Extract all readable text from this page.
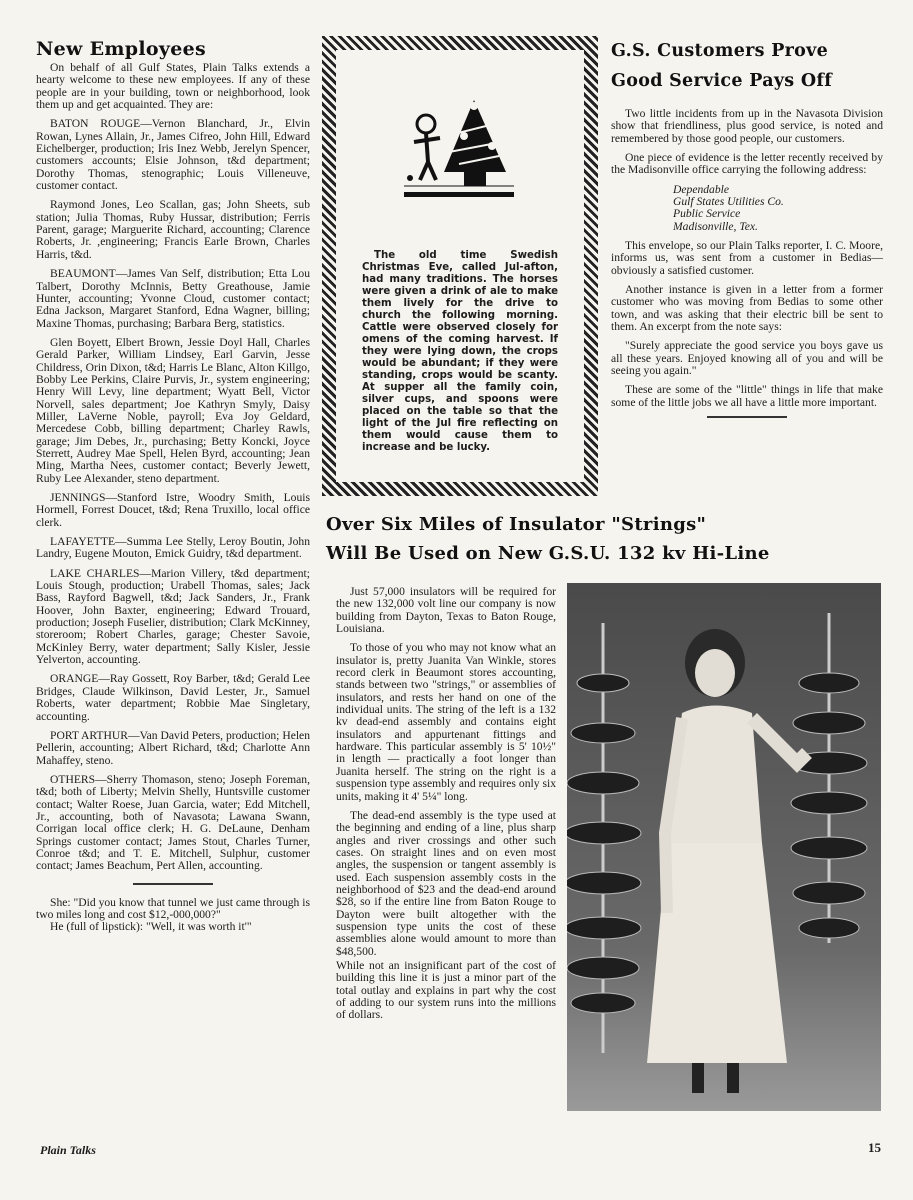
New Employees

On behalf of all Gulf States, Plain Talks extends a hearty welcome to these new employees. If any of these people are in your building, town or neighborhood, look them up and get acquainted. They are:

BATON ROUGE—Vernon Blanchard, Jr., Elvin Rowan, Lynes Allain, Jr., James Cifreo, John Hill, Edward Eichelberger, production; Iris Inez Webb, Jerelyn Spencer, customers accounts; Elsie Johnson, t&d department; Dorothy Thomas, stenographic; Louis Villeneuve, customer contact.

Raymond Jones, Leo Scallan, gas; John Sheets, sub station; Julia Thomas, Ruby Hussar, distribution; Ferris Parent, garage; Marguerite Richard, accounting; Clarence Roberts, Jr. ,engineering; Francis Earle Brown, Charles Harris, t&d.

BEAUMONT—James Van Self, distribution; Etta Lou Talbert, Dorothy McInnis, Betty Greathouse, Jamie Hunter, accounting; Yvonne Cloud, customer contact; Edna Jackson, Margaret Stanford, Edna Wagner, billing; Maxine Thomas, purchasing; Barbara Berg, statistics.

Glen Boyett, Elbert Brown, Jessie Doyl Hall, Charles Gerald Parker, William Lindsey, Earl Garvin, Jesse Childress, Orin Dixon, t&d; Harris Le Blanc, Alton Killgo, Bobby Lee Perkins, Claire Purvis, Jr., system engineering; Henry Will Levy, line department; Wyatt Bell, Victor Norvell, sales department; Joe Kathryn Smyly, Daisy Miller, LaVerne Noble, payroll; Eva Joy Geldard, Mercedese Cobb, billing department; Charley Rawls, garage; Jim Debes, Jr., purchasing; Betty Koncki, Joyce Sterrett, Audrey Mae Spell, Helen Byrd, accounting; Jean Ming, Martha Nees, customer contact; Beverly Jewett, Ruby Lee Alexander, steno department.

JENNINGS—Stanford Istre, Woodry Smith, Louis Hormell, Forrest Doucet, t&d; Rena Truxillo, local office clerk.

LAFAYETTE—Summa Lee Stelly, Leroy Boutin, John Landry, Eugene Mouton, Emick Guidry, t&d department.

LAKE CHARLES—Marion Villery, t&d department; Louis Stough, production; Urabell Thomas, sales; Jack Bass, Rayford Bagwell, t&d; Jack Sanders, Jr., Frank Hoover, John Baxter, engineering; Edward Trouard, production; Joseph Fuselier, distribution; Clark McKinney, storeroom; Robert Charles, garage; Chester Savoie, McKinley Berry, water department; Sally Kisler, Jessie Yelverton, accounting.

ORANGE—Ray Gossett, Roy Barber, t&d; Gerald Lee Bridges, Claude Wilkinson, David Lester, Jr., Samuel Roberts, water department; Robbie Mae Singletary, accounting.

PORT ARTHUR—Van David Peters, production; Helen Pellerin, accounting; Albert Richard, t&d; Charlotte Ann Mahaffey, steno.

OTHERS—Sherry Thomason, steno; Joseph Foreman, t&d; both of Liberty; Melvin Shelly, Huntsville customer contact; Walter Roese, Juan Garcia, water; Edd Mitchell, Jr., accounting, both of Navasota; Lawana Swann, Corrigan local office clerk; H. G. DeLaune, Denham Springs customer contact; James Stout, Charles Turner, Conroe t&d; and T. E. Mitchell, Sulphur, customer contact; James Beachum, Pert Allen, accounting.

She: "Did you know that tunnel we just came through is two miles long and cost $12,-000,000?"

He (full of lipstick): "Well, it was worth it'"

The old time Swedish Christmas Eve, called Jul-afton, had many traditions. The horses were given a drink of ale to make them lively for the drive to church the following morning. Cattle were observed closely for omens of the coming harvest. If they were lying down, the crops would be abundant; if they were standing, crops would be scanty. At supper all the family coin, silver cups, and spoons were placed on the table so that the light of the Jul fire reflecting on them would cause them to increase and be lucky.

G.S. Customers Prove
Good Service Pays Off

Two little incidents from up in the Navasota Division show that friendliness, plus good service, is noted and remembered by those good people, our customers.

One piece of evidence is the letter recently received by the Madisonville office carrying the following address:

Dependable
Gulf States Utilities Co.
Public Service
Madisonville, Tex.

This envelope, so our Plain Talks reporter, I. C. Moore, informs us, was sent from a customer in Bedias—obviously a satisfied customer.

Another instance is given in a letter from a former customer who was moving from Bedias to some other town, and was asking that their electric bill be sent to them. An excerpt from the note says:

"Surely appreciate the good service you boys gave us all these years. Enjoyed knowing all of you and will be seeing you again."

These are some of the "little" things in life that make some of the little jobs we all have a little more important.

Over Six Miles of Insulator "Strings"
Will Be Used on New G.S.U. 132 kv Hi-Line

Just 57,000 insulators will be required for the new 132,000 volt line our company is now building from Dayton, Texas to Baton Rouge, Louisiana.

To those of you who may not know what an insulator is, pretty Juanita Van Winkle, stores record clerk in Beaumont stores accounting, stands between two "strings," or assemblies of insulators, and rests her hand on one of the individual units. The string of the left is a 132 kv dead-end assembly and contains eight insulators and appurtenant fittings and hardware. This particular assembly is 5' 10½" in length — practically a foot longer than Juanita herself. The string on the right is a suspension type assembly and requires only six units, making it 4' 5¼" long.

The dead-end assembly is the type used at the beginning and ending of a line, plus sharp angles and river crossings and other such cases. On straight lines and on even most angles, the suspension or tangent assembly is used. Each suspension assembly costs in the neighborhood of $23 and the dead-end around $28, so if the entire line from Baton Rouge to Dayton were built altogether with the suspension type units the cost of these assemblies alone would amount to more than $48,500.

While not an insignificant part of the cost of building this line it is just a minor part of the total outlay and explains in part why the cost of adding to our system runs into the millions of dollars.

Plain Talks	15
